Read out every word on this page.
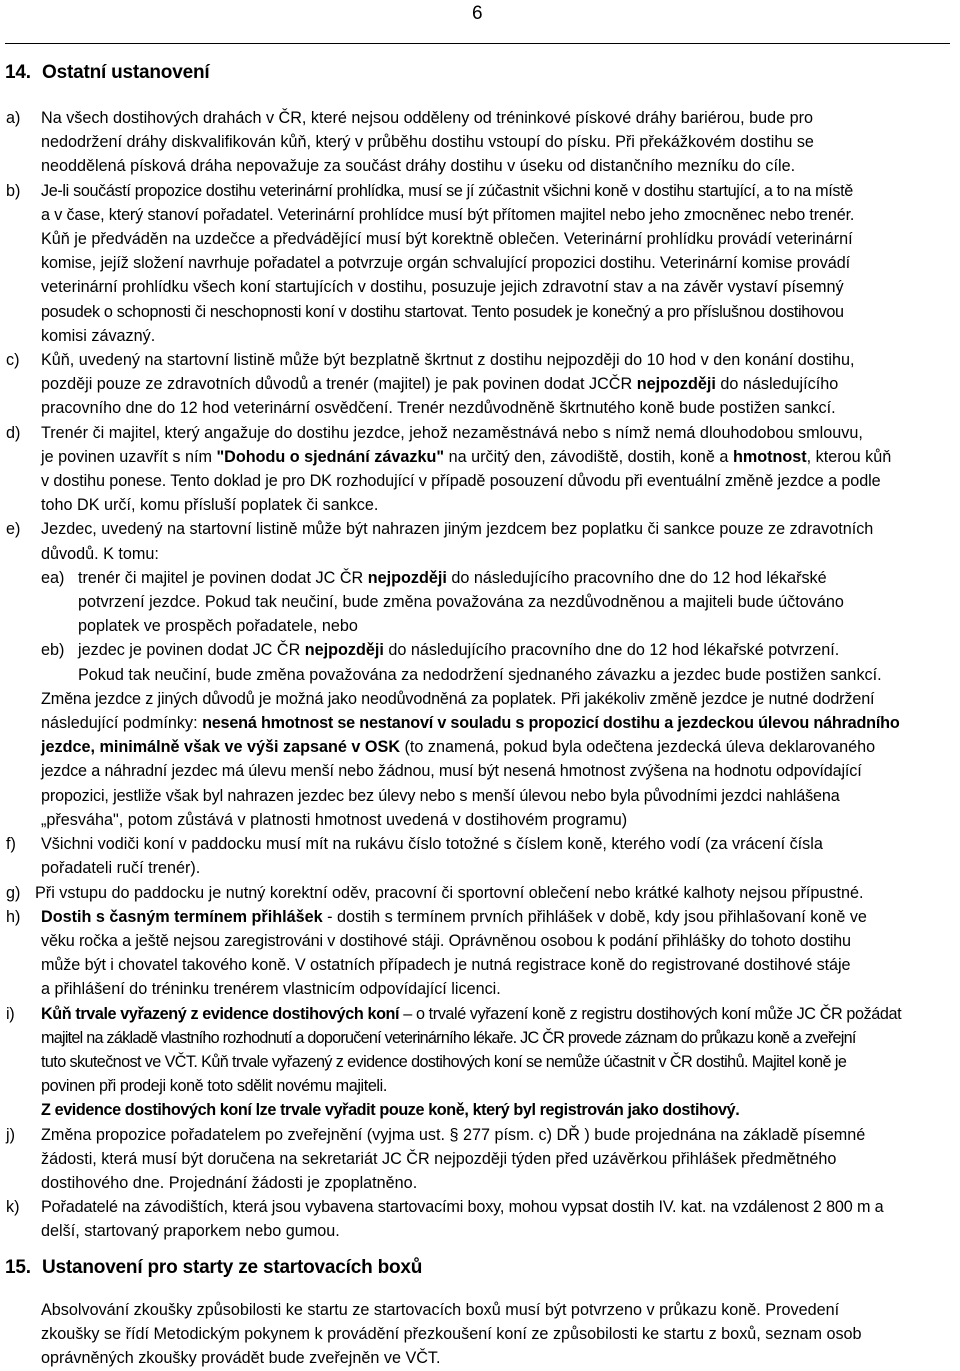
6
14. Ostatní ustanovení
a) Na všech dostihových drahách v ČR, které nejsou odděleny od tréninkové pískové dráhy bariérou, bude pro
nedodržení dráhy diskvalifikován kůň, který v průběhu dostihu vstoupí do písku. Při překážkovém dostihu se
neoddělená písková dráha nepovažuje za součást dráhy dostihu v úseku od distančního mezníku do cíle.
b) Je-li součástí propozice dostihu veterinární prohlídka, musí se jí zúčastnit všichni koně v dostihu startující, a to na místě
a v čase, který stanoví pořadatel. Veterinární prohlídce musí být přítomen majitel nebo jeho zmocněnec nebo trenér.
Kůň je předváděn na uzdečce a předvádějící musí být korektně oblečen. Veterinární prohlídku provádí veterinární
komise, jejíž složení navrhuje pořadatel a potvrzuje orgán schvalující propozici dostihu. Veterinární komise provádí
veterinární prohlídku všech koní startujících v dostihu, posuzuje jejich zdravotní stav a na závěr vystaví písemný
posudek o schopnosti či neschopnosti koní v dostihu startovat. Tento posudek je konečný a pro příslušnou dostihovou
komisi závazný.
c) Kůň, uvedený na startovní listině může být bezplatně škrtnut z dostihu nejpozději do 10 hod v den konání dostihu,
později pouze ze zdravotních důvodů a trenér (majitel) je pak povinen dodat JCČR nejpozději do následujícího
pracovního dne do 12 hod veterinární osvědčení. Trenér nezdůvodněně škrtnutého koně bude postižen sankcí.
d) Trenér či majitel, který angažuje do dostihu jezdce, jehož nezaměstnává nebo s nímž nemá dlouhodobou smlouvu,
je povinen uzavřít s ním "Dohodu o sjednání závazku" na určitý den, závodiště, dostih, koně a hmotnost, kterou kůň
v dostihu ponese. Tento doklad je pro DK rozhodující v případě posouzení důvodu při eventuální změně jezdce a podle
toho DK určí, komu přísluší poplatek či sankce.
e) Jezdec, uvedený na startovní listině může být nahrazen jiným jezdcem bez poplatku či sankce pouze ze zdravotních
důvodů. K tomu:
ea) trenér či majitel je povinen dodat JC ČR nejpozději do následujícího pracovního dne do 12 hod lékařské
potvrzení jezdce. Pokud tak neučiní, bude změna považována za nezdůvodněnou a majiteli bude účtováno
poplatek ve prospěch pořadatele, nebo
eb) jezdec je povinen dodat JC ČR nejpozději do následujícího pracovního dne do 12 hod lékařské potvrzení.
Pokud tak neučiní, bude změna považována za nedodržení sjednaného závazku a jezdec bude postižen sankcí.
Změna jezdce z jiných důvodů je možná jako neodůvodněná za poplatek. Při jakékoliv změně jezdce je nutné dodržení
následující podmínky: nesená hmotnost se nestanoví v souladu s propozicí dostihu a jezdeckou úlevou náhradního
jezdce, minimálně však ve výši zapsané v OSK (to znamená, pokud byla odečtena jezdecká úleva deklarovaného
jezdce a náhradní jezdec má úlevu menší nebo žádnou, musí být nesená hmotnost zvýšena na hodnotu odpovídající
propozici, jestliže však byl nahrazen jezdec bez úlevy nebo s menší úlevou nebo byla původními jezdci nahlášena
„přesváha", potom zůstává v platnosti hmotnost uvedená v dostihovém programu)
f) Všichni vodiči koní v paddocku musí mít na rukávu číslo totožné s číslem koně, kterého vodí (za vrácení čísla
pořadateli ručí trenér).
g) Při vstupu do paddocku je nutný korektní oděv, pracovní či sportovní oblečení nebo krátké kalhoty nejsou přípustné.
h) Dostih s časným termínem přihlášek - dostih s termínem prvních přihlášek v době, kdy jsou přihlašovaní koně ve
věku ročka a ještě nejsou zaregistrováni v dostihové stáji. Oprávněnou osobou k podání přihlášky do tohoto dostihu
může být i chovatel takového koně. V ostatních případech je nutná registrace koně do registrované dostihové stáje
a přihlášení do tréninku trenérem vlastnicím odpovídající licenci.
i) Kůň trvale vyřazený z evidence dostihových koní – o trvalé vyřazení koně z registru dostihových koní může JC ČR požádat
majitel na základě vlastního rozhodnutí a doporučení veterinárního lékaře. JC ČR provede záznam do průkazu koně a zveřejní
tuto skutečnost ve VČT. Kůň trvale vyřazený z evidence dostihových koní se nemůže účastnit v ČR dostihů. Majitel koně je
povinen při prodeji koně toto sdělit novému majiteli.
Z evidence dostihových koní lze trvale vyřadit pouze koně, který byl registrován jako dostihový.
j) Změna propozice pořadatelem po zveřejnění (vyjma ust. § 277 písm. c) DŘ ) bude projednána na základě písemné
žádosti, která musí být doručena na sekretariát JC ČR nejpozději týden před uzávěrkou přihlášek předmětného
dostihového dne. Projednání žádosti je zpoplatněno.
k) Pořadatelé na závodištích, která jsou vybavena startovacími boxy, mohou vypsat dostih IV. kat. na vzdálenost 2 800 m a
delší, startovaný praporkem nebo gumou.
15. Ustanovení pro starty ze startovacích boxů
Absolvování zkoušky způsobilosti ke startu ze startovacích boxů musí být potvrzeno v průkazu koně. Provedení
zkoušky se řídí Metodickým pokynem k provádění přezkoušení koní ze způsobilosti ke startu z boxů, seznam osob
oprávněných zkoušky provádět bude zveřejněn ve VČT.
